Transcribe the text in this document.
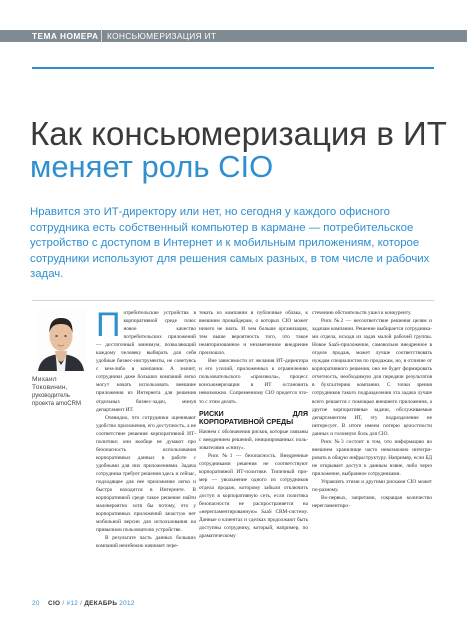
ТЕМА НОМЕРА	КОНСЬЮМЕРИЗАЦИЯ ИТ
Как консьюмеризация в ИТ
меняет роль CIO

Нравится это ИТ-директору или нет, но сегодня у каждого офисного сотрудника есть собственный компьютер в кармане — потребительское устройство с доступом в Интернет и к мобильным приложениям, которое сотрудники используют для решения самых разных, в том числе и рабочих задач.

Михаил
Токовинин,
руководитель проекта amoCRM
П отребительские устройства в корпоративной среде плюс новое качество потребительских приложений — достаточный минимум, позволяющий каждому человеку выбирать для себя удобные бизнес-инструменты, не советуясь с кем-либо в компании. А значит, сотрудники даже больших компаний легко могут начать использовать внешние приложения из Интернета для решения отдельных бизнес-задач, минуя департамент ИТ.

Очевидно, что сотрудники оценивают удобство приложения, его доступность, а не соответствие решения корпоративной ИТ-политике; они вообще не думают про безопасность использования корпоративных данных в работе с удобными для них приложениями. Задача сотрудника требует решения здесь и сейчас, подходящее для нее приложение легко и быстро находится в Интернете. В корпоративной среде такое решение найти маловероятно хотя бы потому, что у корпоративных приложений зачастую нет мобильной версии для использования на привычном пользователю устройстве.

В результате часть данных больших компаний неизбежно начинает пере-

текать из компании в публичные облака, к внешним провайдерам, о которых CIO может ничего не знать. И чем больше организация, тем выше вероятность того, что такое неавторизованное и незамеченное внедрение произошло.

Вне зависимости от желания ИТ-директора и его усилий, приложенных к ограничению пользовательского «произвола», процесс консьюмеризации в ИТ остановить невозможно. Сопременному CIO придется что-то с этим делать.

РИСКИ ДЛЯ КОРПОРАТИВНОЙ СРЕДЫ

Начнем с обозначения рисков, которые связаны с внедрением решений, инициированных пользователями «снизу».

Риск №1 — безопасность. Внедренные сотрудниками решения не соответствуют корпоративной ИТ-политике. Типичный пример — увольнение одного из сотрудников отдела продаж, которому забыли отключить доступ в корпоративную сеть, если политика безопасности не распространяется на «нерегламентированную» SaaS CRM-систему. Данные о клиентах и сделках продолжают быть доступны сотруднику, который, например, по драматическому

стечению обстоятельств ушел к конкуренту.

Риск №2 — несоответствие решения целям и задачам компании. Решение выбирается сотрудниками отдела, исходя из задач малой рабочей группы. Новое SaaS-приложение, самовольно внедренное в отделе продаж, может лучше соответствовать нуждам специалистов по продажам, но, в отличие от корпоративного решения, оно не будет формировать отчетность, необходимую для передачи результатов в бухгалтерию компании. С точки зрения сотрудников такого подразделения эта задача лучше всего решается с помощью внешнего приложения, а другие корпоративные задачи, обслуживаемые департаментом ИТ, эту подразделение не интересует. В итоге имеем потерю целостности данных и головную боль для CIO.

Риск №3 состоит в том, что информацию во внешнем хранилище часто невозможно интегрировать в общую инфраструктуру. Например, если БД не открывает доступ к данным извне, либо через приложение, выбранное сотрудниками.

Управлять этими и другими рисками CIO может по-разному.

Во-первых, запретами, сокращая количество нерегламентиро-

20 CIO / #12 / ДЕКАБРЬ 2012
